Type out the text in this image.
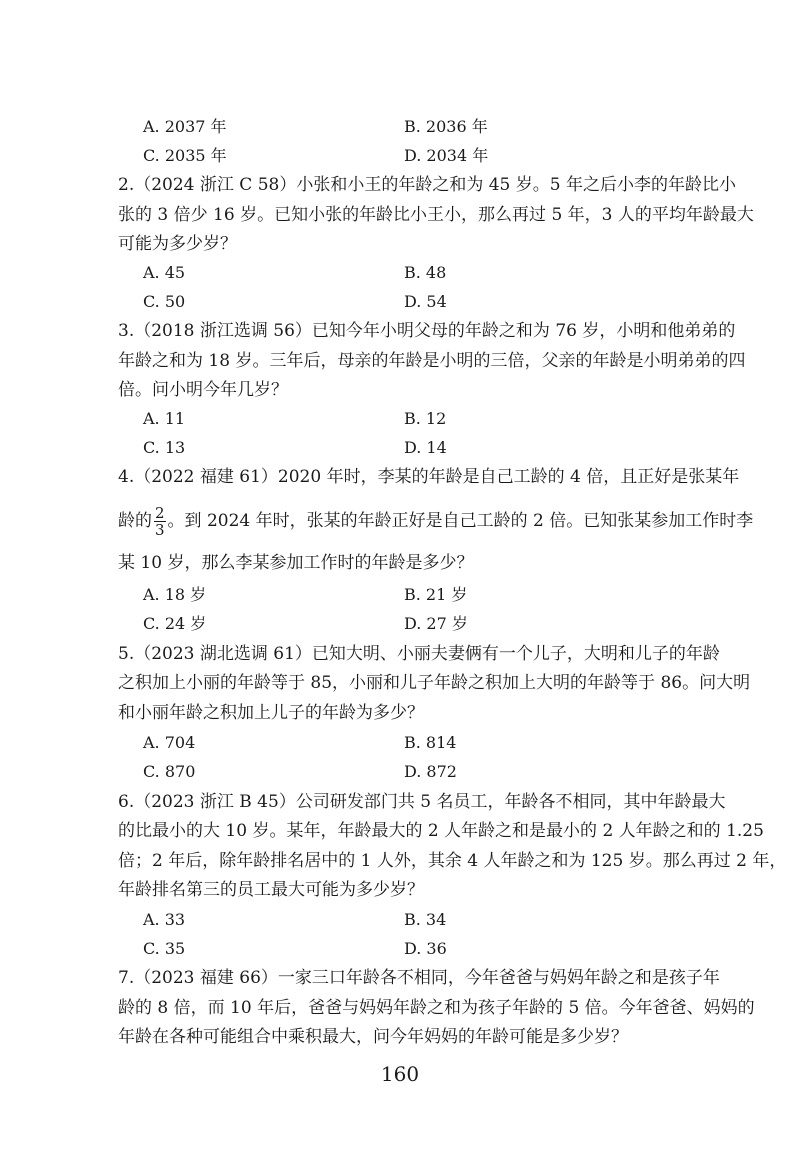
A. 2037 年	B. 2036 年
C. 2035 年	D. 2034 年
2.（2024 浙江 C 58）小张和小王的年龄之和为 45 岁。5 年之后小李的年龄比小
张的 3 倍少 16 岁。已知小张的年龄比小王小，那么再过 5 年，3 人的平均年龄最大
可能为多少岁？
A. 45	B. 48
C. 50	D. 54
3.（2018 浙江选调 56）已知今年小明父母的年龄之和为 76 岁，小明和他弟弟的
年龄之和为 18 岁。三年后，母亲的年龄是小明的三倍，父亲的年龄是小明弟弟的四
倍。问小明今年几岁？
A. 11	B. 12
C. 13	D. 14
4.（2022 福建 61）2020 年时，李某的年龄是自己工龄的 4 倍，且正好是张某年
龄的 $\frac{2}{3}$ 。到 2024 年时，张某的年龄正好是自己工龄的 2 倍。已知张某参加工作时李
某 10 岁，那么李某参加工作时的年龄是多少？
A. 18 岁	B. 21 岁
C. 24 岁	D. 27 岁
5.（2023 湖北选调 61）已知大明、小丽夫妻俩有一个儿子，大明和儿子的年龄
之积加上小丽的年龄等于 85，小丽和儿子年龄之积加上大明的年龄等于 86。问大明
和小丽年龄之积加上儿子的年龄为多少？
A. 704	B. 814
C. 870	D. 872
6.（2023 浙江 B 45）公司研发部门共 5 名员工，年龄各不相同，其中年龄最大
的比最小的大 10 岁。某年，年龄最大的 2 人年龄之和是最小的 2 人年龄之和的 1.25
倍；2 年后，除年龄排名居中的 1 人外，其余 4 人年龄之和为 125 岁。那么再过 2 年，
年龄排名第三的员工最大可能为多少岁？
A. 33	B. 34
C. 35	D. 36
7.（2023 福建 66）一家三口年龄各不相同，今年爸爸与妈妈年龄之和是孩子年
龄的 8 倍，而 10 年后，爸爸与妈妈年龄之和为孩子年龄的 5 倍。今年爸爸、妈妈的
年龄在各种可能组合中乘积最大，问今年妈妈的年龄可能是多少岁？
160
